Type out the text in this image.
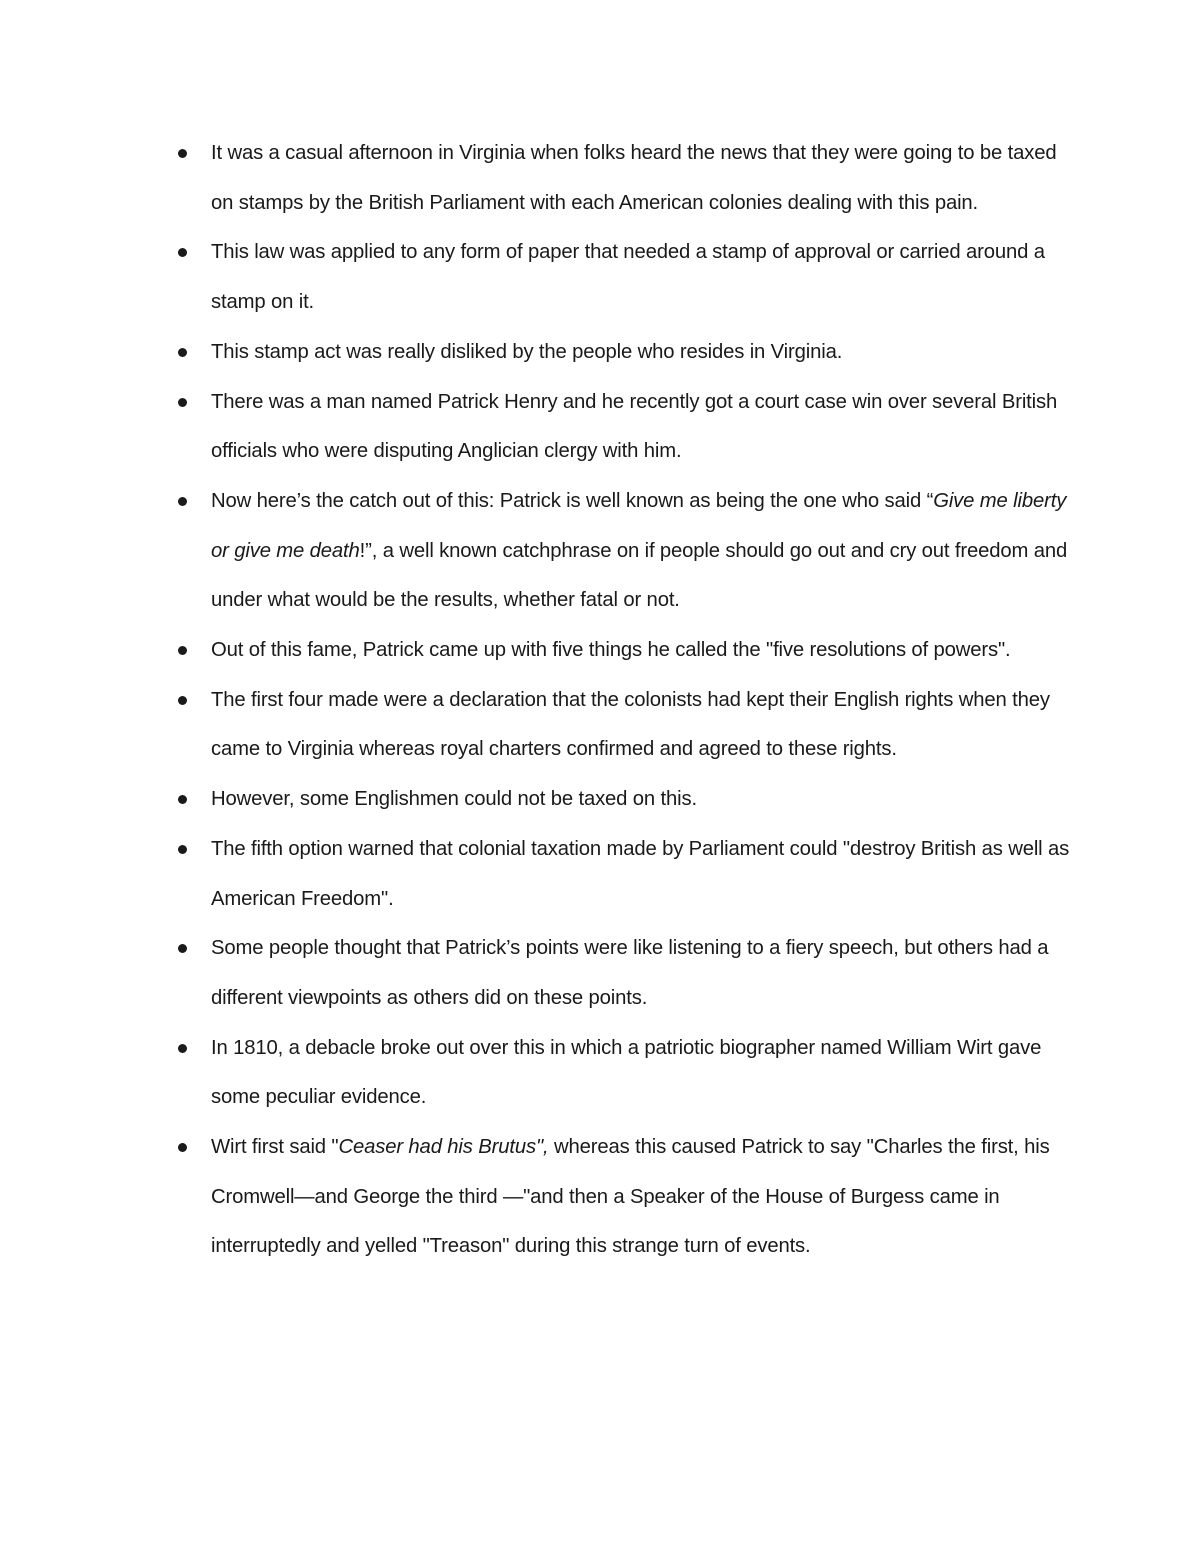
It was a casual afternoon in Virginia when folks heard the news that they were going to be taxed on stamps by the British Parliament with each American colonies dealing with this pain.
This law was applied to any form of paper that needed a stamp of approval or carried around a stamp on it.
This stamp act was really disliked by the people who resides in Virginia.
There was a man named Patrick Henry and he recently got a court case win over several British officials who were disputing Anglician clergy with him.
Now here’s the catch out of this: Patrick is well known as being the one who said “Give me liberty or give me death!”, a well known catchphrase on if people should go out and cry out freedom and under what would be the results, whether fatal or not.
Out of this fame, Patrick came up with five things he called the "five resolutions of powers".
The first four made were a declaration that the colonists had kept their English rights when they came to Virginia whereas royal charters confirmed and agreed to these rights.
However, some Englishmen could not be taxed on this.
The fifth option warned that colonial taxation made by Parliament could "destroy British as well as American Freedom".
Some people thought that Patrick’s points were like listening to a fiery speech, but others had a different viewpoints as others did on these points.
In 1810, a debacle broke out over this in which a patriotic biographer named William Wirt gave some peculiar evidence.
Wirt first said "Ceaser had his Brutus", whereas this caused Patrick to say "Charles the first, his Cromwell—and George the third —"and then a Speaker of the House of Burgess came in interruptedly and yelled "Treason" during this strange turn of events.
